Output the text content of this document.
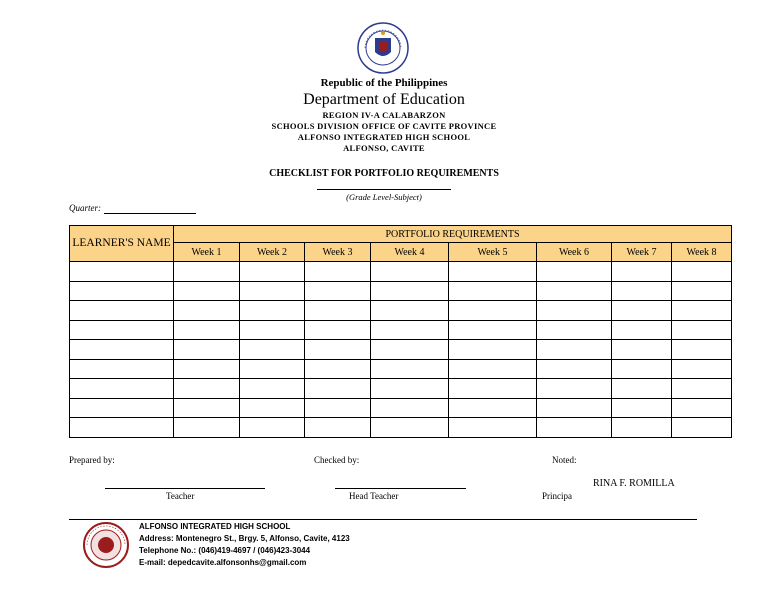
Republic of the Philippines
Department of Education
REGION IV-A CALABARZON
SCHOOLS DIVISION OFFICE OF CAVITE PROVINCE
ALFONSO INTEGRATED HIGH SCHOOL
ALFONSO, CAVITE
CHECKLIST FOR PORTFOLIO REQUIREMENTS
(Grade Level-Subject)
Quarter:
LEARNER'S NAME	PORTFOLIO REQUIREMENTS							
	Week 1	Week 2	Week 3	Week 4	Week 5	Week 6	Week 7	Week 8

Prepared by:	Checked by:	Noted:
Teacher	Head Teacher
RINA F. ROMILLA
Principa
ALFONSO INTEGRATED HIGH SCHOOL
Address: Montenegro St., Brgy. 5, Alfonso, Cavite, 4123
Telephone No.: (046)419-4697 / (046)423-3044
E-mail: depedcavite.alfonsonhs@gmail.com
